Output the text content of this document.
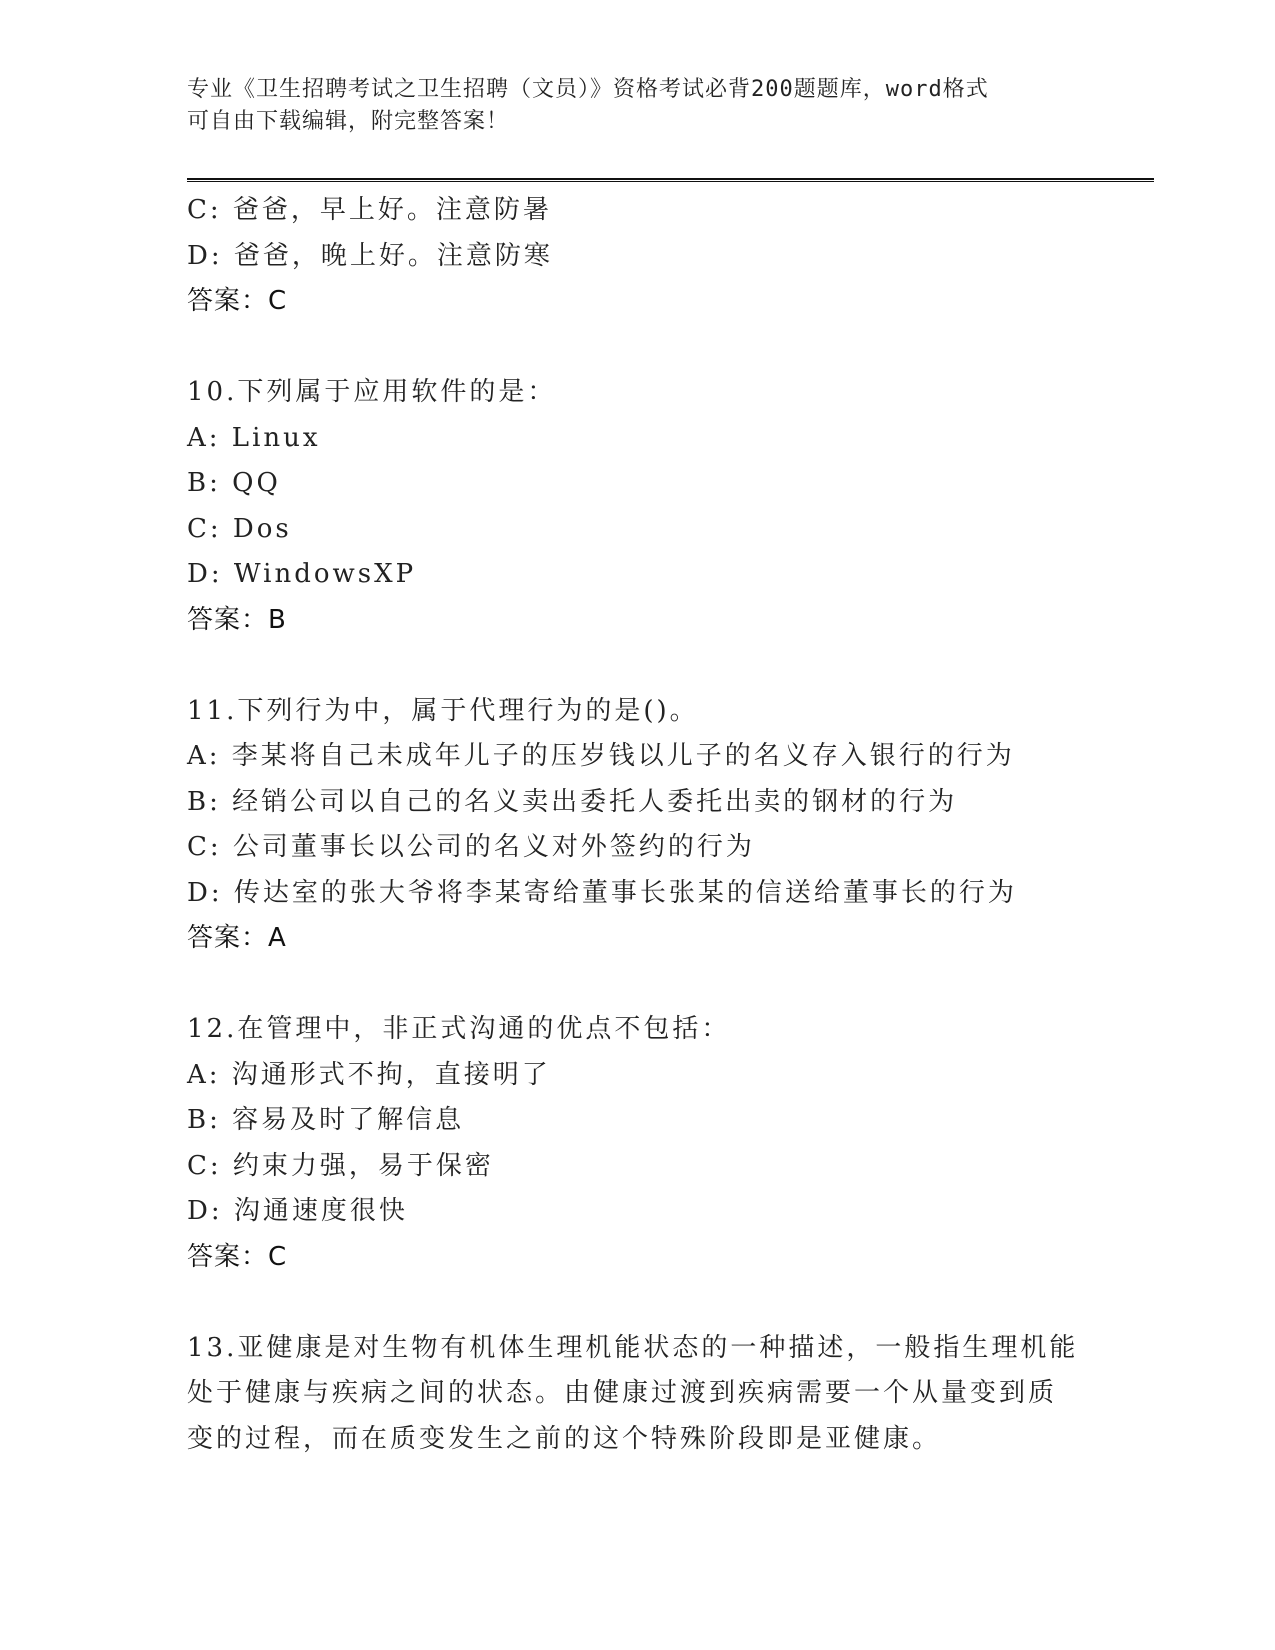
专业《卫生招聘考试之卫生招聘（文员）》资格考试必背200题题库，word格式
可自由下载编辑，附完整答案！
C: 爸爸，早上好。注意防暑
D: 爸爸，晚上好。注意防寒
答案：C
10.下列属于应用软件的是：
A: Linux
B: QQ
C: Dos
D: WindowsXP
答案：B
11.下列行为中，属于代理行为的是()。
A: 李某将自己未成年儿子的压岁钱以儿子的名义存入银行的行为
B: 经销公司以自己的名义卖出委托人委托出卖的钢材的行为
C: 公司董事长以公司的名义对外签约的行为
D: 传达室的张大爷将李某寄给董事长张某的信送给董事长的行为
答案：A
12.在管理中，非正式沟通的优点不包括：
A: 沟通形式不拘，直接明了
B: 容易及时了解信息
C: 约束力强，易于保密
D: 沟通速度很快
答案：C
13.亚健康是对生物有机体生理机能状态的一种描述，一般指生理机能
处于健康与疾病之间的状态。由健康过渡到疾病需要一个从量变到质
变的过程，而在质变发生之前的这个特殊阶段即是亚健康。
